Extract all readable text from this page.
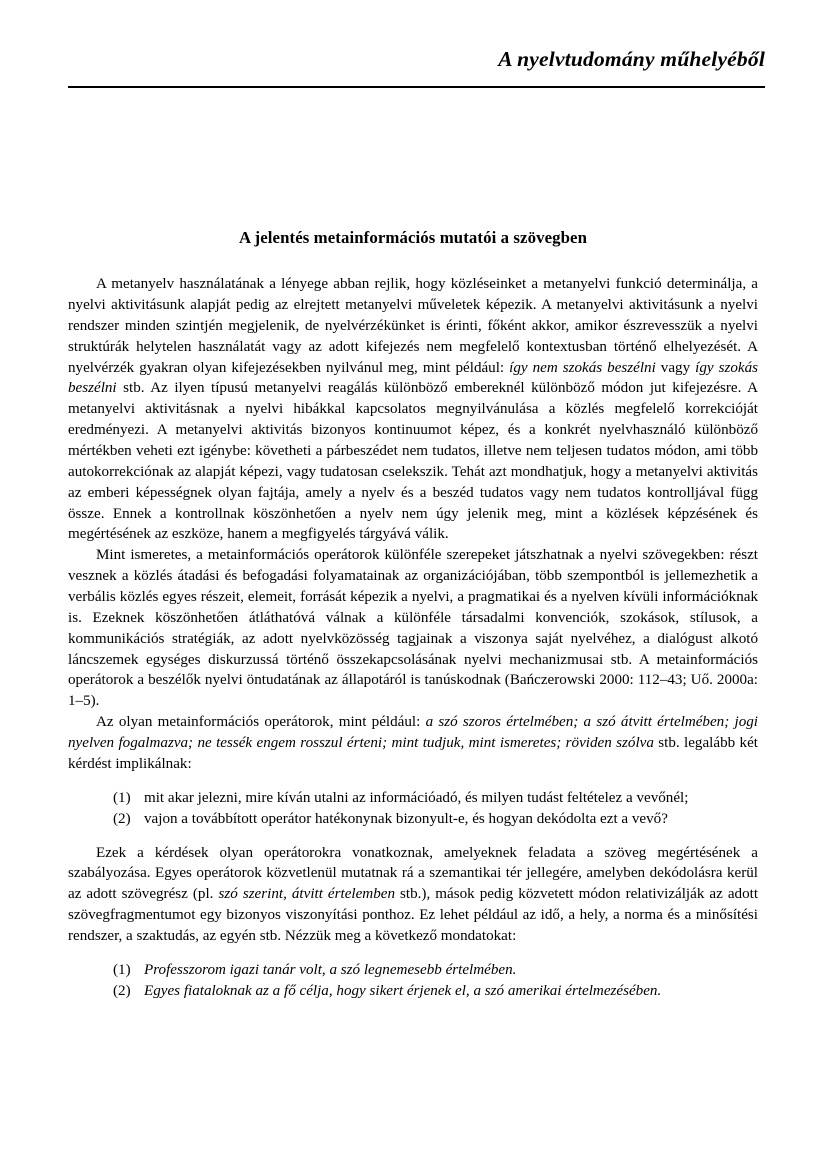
A nyelvtudomány műhelyéből
A jelentés metainformációs mutatói a szövegben

A metanyelv használatának a lényege abban rejlik, hogy közléseinket a metanyelvi funkció determinálja, a nyelvi aktivitásunk alapját pedig az elrejtett metanyelvi műveletek képezik. A metanyelvi aktivitásunk a nyelvi rendszer minden szintjén megjelenik, de nyelvérzékünket is érinti, főként akkor, amikor észrevesszük a nyelvi struktúrák helytelen használatát vagy az adott kifejezés nem megfelelő kontextusban történő elhelyezését. A nyelvérzék gyakran olyan kifejezésekben nyilvánul meg, mint például: így nem szokás beszélni vagy így szokás beszélni stb. Az ilyen típusú metanyelvi reagálás különböző embereknél különböző módon jut kifejezésre. A metanyelvi aktivitásnak a nyelvi hibákkal kapcsolatos megnyilvánulása a közlés megfelelő korrekcióját eredményezi. A metanyelvi aktivitás bizonyos kontinuumot képez, és a konkrét nyelvhasználó különböző mértékben veheti ezt igénybe: követheti a párbeszédet nem tudatos, illetve nem teljesen tudatos módon, ami több autokorrekciónak az alapját képezi, vagy tudatosan cselekszik. Tehát azt mondhatjuk, hogy a metanyelvi aktivitás az emberi képességnek olyan fajtája, amely a nyelv és a beszéd tudatos vagy nem tudatos kontrolljával függ össze. Ennek a kontrollnak köszönhetően a nyelv nem úgy jelenik meg, mint a közlések képzésének és megértésének az eszköze, hanem a megfigyelés tárgyává válik.

Mint ismeretes, a metainformációs operátorok különféle szerepeket játszhatnak a nyelvi szövegekben: részt vesznek a közlés átadási és befogadási folyamatainak az organizációjában, több szempontból is jellemezhetik a verbális közlés egyes részeit, elemeit, forrását képezik a nyelvi, a pragmatikai és a nyelven kívüli információknak is. Ezeknek köszönhetően átláthatóvá válnak a különféle társadalmi konvenciók, szokások, stílusok, a kommunikációs stratégiák, az adott nyelvközösség tagjainak a viszonya saját nyelvéhez, a dialógust alkotó láncszemek egységes diskurzussá történő összekapcsolásának nyelvi mechanizmusai stb. A metainformációs operátorok a beszélők nyelvi öntudatának az állapotáról is tanúskodnak (Bańczerowski 2000: 112–43; Uő. 2000a: 1–5).

Az olyan metainformációs operátorok, mint például: a szó szoros értelmében; a szó átvitt értelmében; jogi nyelven fogalmazva; ne tessék engem rosszul érteni; mint tudjuk, mint ismeretes; röviden szólva stb. legalább két kérdést implikálnak:

(1) mit akar jelezni, mire kíván utalni az információadó, és milyen tudást feltételez a vevőnél;
(2) vajon a továbbított operátor hatékonynak bizonyult-e, és hogyan dekódolta ezt a vevő?

Ezek a kérdések olyan operátorokra vonatkoznak, amelyeknek feladata a szöveg megértésének a szabályozása. Egyes operátorok közvetlenül mutatnak rá a szemantikai tér jellegére, amelyben dekódolásra kerül az adott szövegrész (pl. szó szerint, átvitt értelemben stb.), mások pedig közvetett módon relativizálják az adott szövegfragmentumot egy bizonyos viszonyítási ponthoz. Ez lehet például az idő, a hely, a norma és a minősítési rendszer, a szaktudás, az egyén stb. Nézzük meg a következő mondatokat:

(1) Professzorom igazi tanár volt, a szó legnemesebb értelmében.
(2) Egyes fiataloknak az a fő célja, hogy sikert érjenek el, a szó amerikai értelmezésében.
